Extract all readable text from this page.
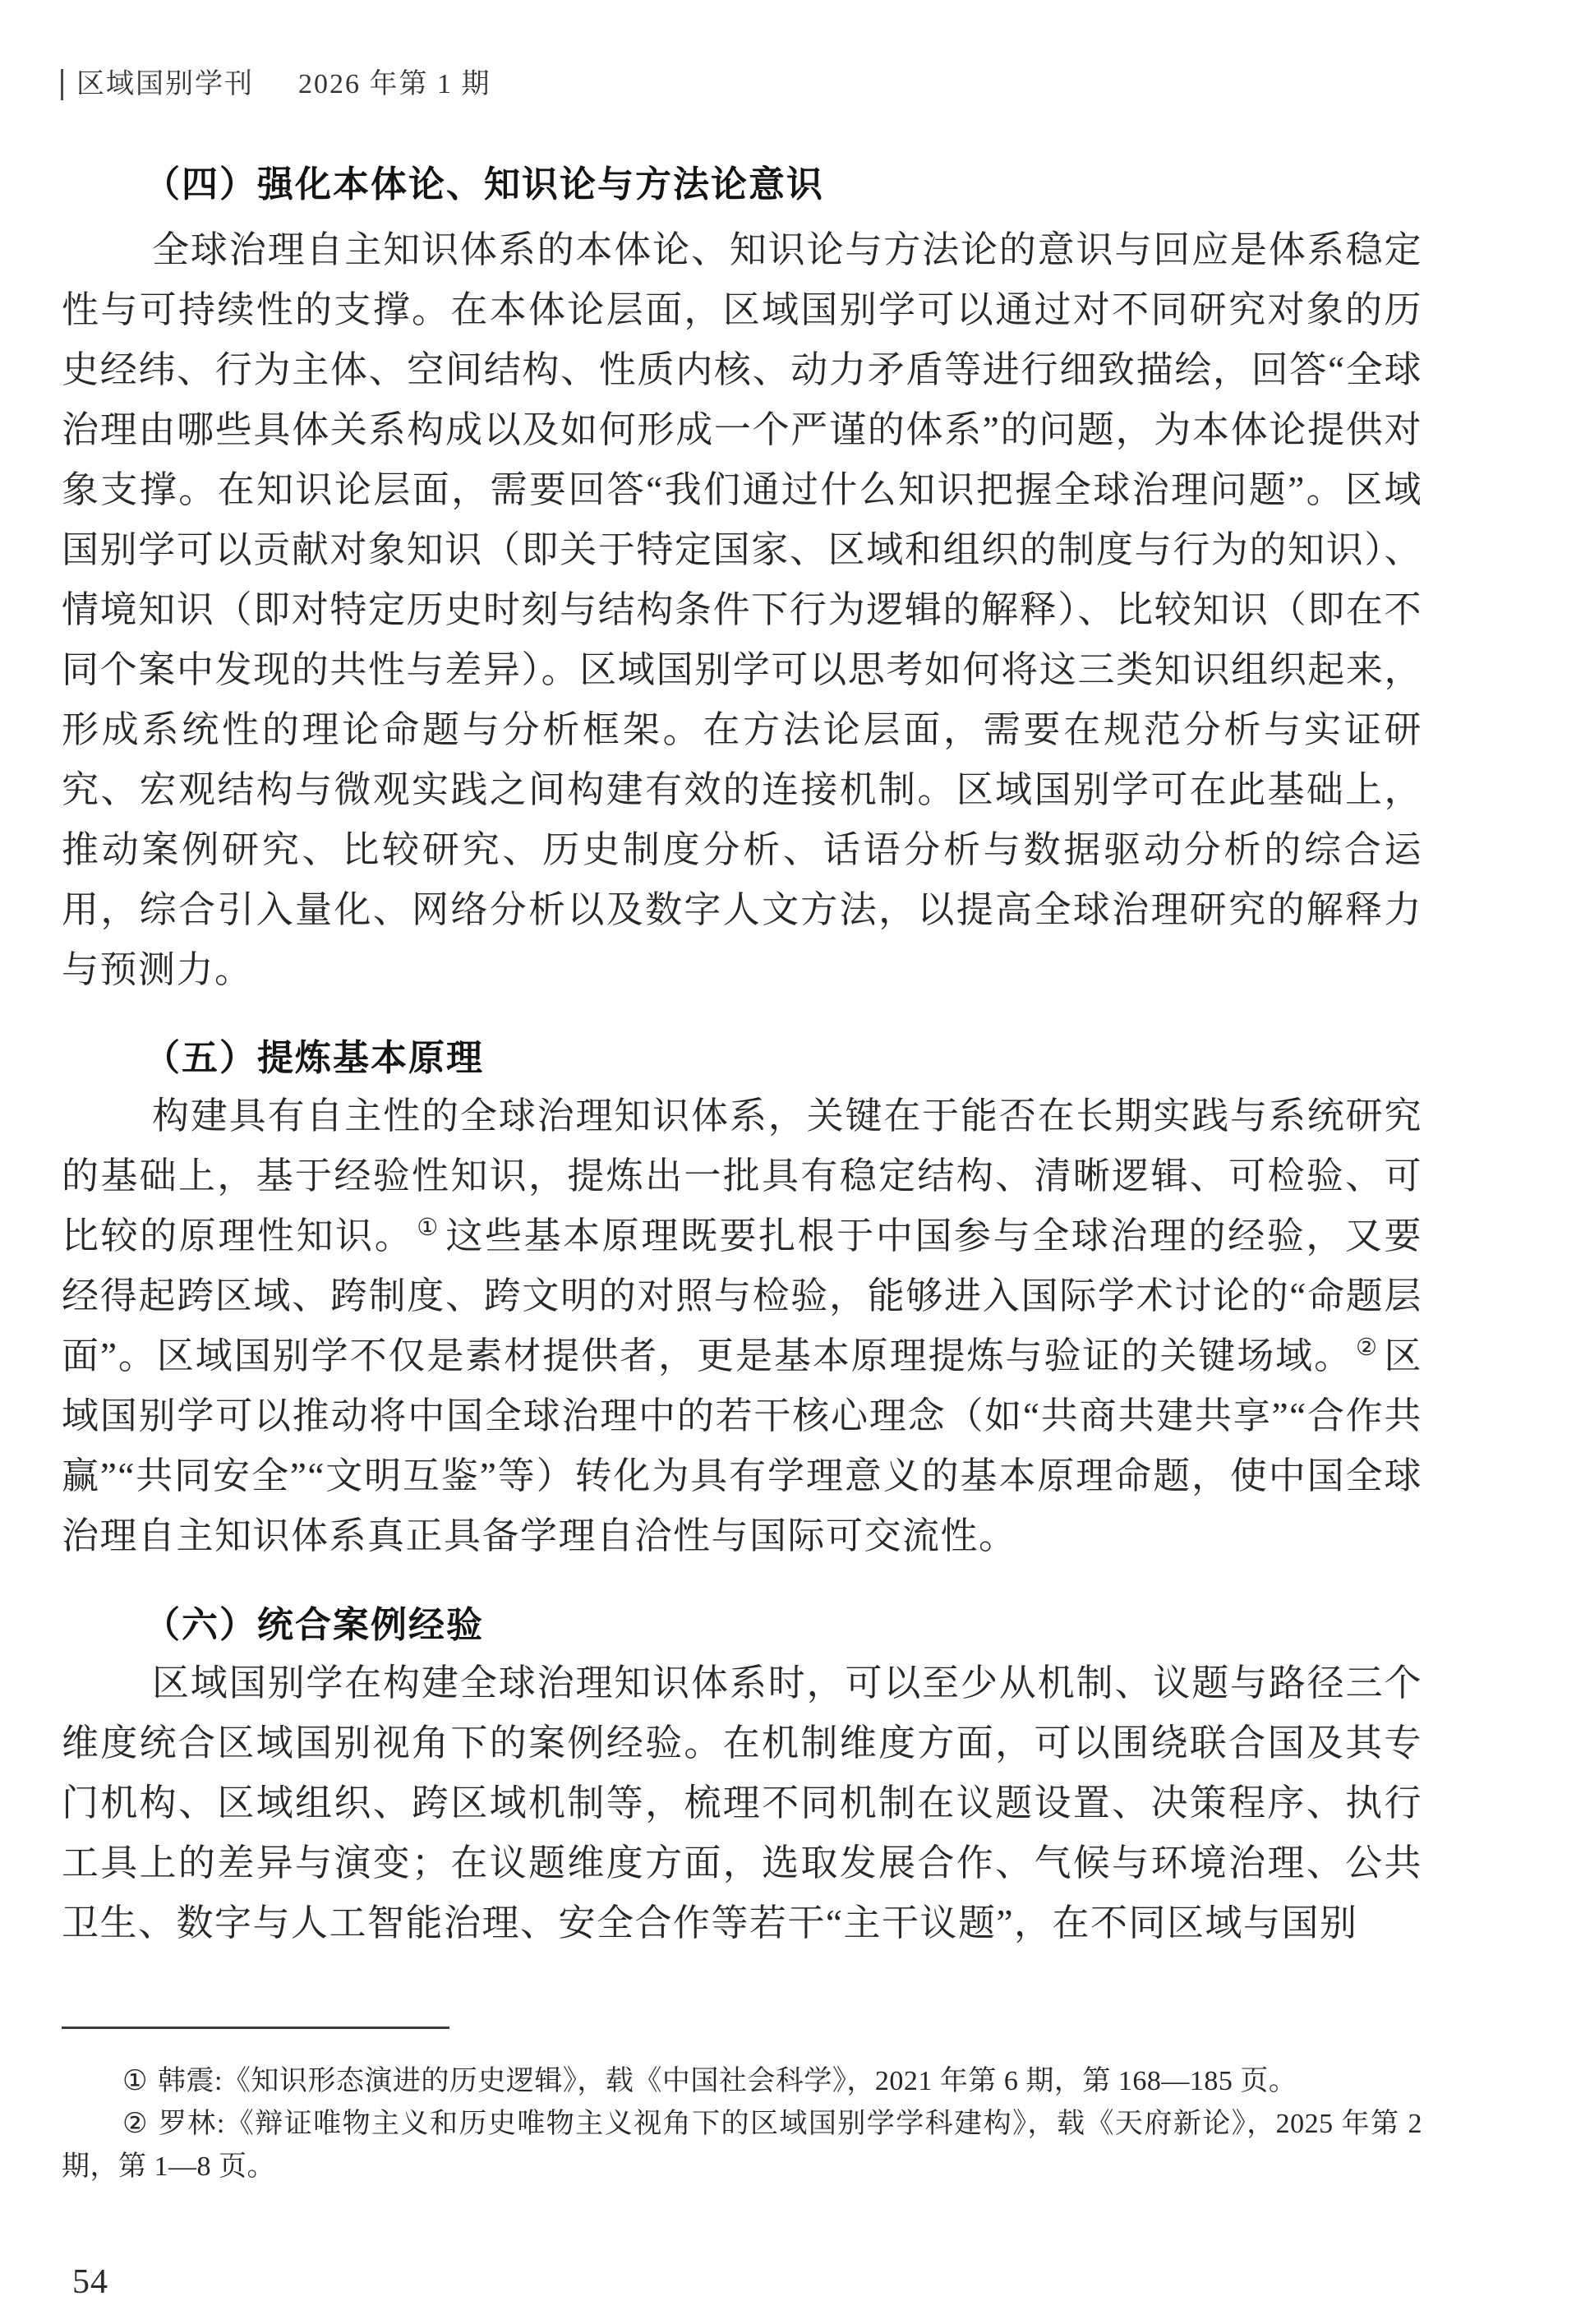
区域国别学刊 2026 年第 1 期
（四）强化本体论、知识论与方法论意识

全球治理自主知识体系的本体论、知识论与方法论的意识与回应是体系稳定性与可持续性的支撑。在本体论层面，区域国别学可以通过对不同研究对象的历史经纬、行为主体、空间结构、性质内核、动力矛盾等进行细致描绘，回答“全球治理由哪些具体关系构成以及如何形成一个严谨的体系”的问题，为本体论提供对象支撑。在知识论层面，需要回答“我们通过什么知识把握全球治理问题”。区域国别学可以贡献对象知识（即关于特定国家、区域和组织的制度与行为的知识）、情境知识（即对特定历史时刻与结构条件下行为逻辑的解释）、比较知识（即在不同个案中发现的共性与差异）。区域国别学可以思考如何将这三类知识组织起来，形成系统性的理论命题与分析框架。在方法论层面，需要在规范分析与实证研究、宏观结构与微观实践之间构建有效的连接机制。区域国别学可在此基础上，推动案例研究、比较研究、历史制度分析、话语分析与数据驱动分析的综合运用，综合引入量化、网络分析以及数字人文方法，以提高全球治理研究的解释力与预测力。

（五）提炼基本原理

构建具有自主性的全球治理知识体系，关键在于能否在长期实践与系统研究的基础上，基于经验性知识，提炼出一批具有稳定结构、清晰逻辑、可检验、可比较的原理性知识。 ① 这些基本原理既要扎根于中国参与全球治理的经验，又要经得起跨区域、跨制度、跨文明的对照与检验，能够进入国际学术讨论的“命题层面”。区域国别学不仅是素材提供者，更是基本原理提炼与验证的关键场域。 ② 区域国别学可以推动将中国全球治理中的若干核心理念（如“共商共建共享”“合作共赢”“共同安全”“文明互鉴”等）转化为具有学理意义的基本原理命题，使中国全球治理自主知识体系真正具备学理自洽性与国际可交流性。

（六）统合案例经验

区域国别学在构建全球治理知识体系时，可以至少从机制、议题与路径三个维度统合区域国别视角下的案例经验。在机制维度方面，可以围绕联合国及其专门机构、区域组织、跨区域机制等，梳理不同机制在议题设置、决策程序、执行工具上的差异与演变；在议题维度方面，选取发展合作、气候与环境治理、公共卫生、数字与人工智能治理、安全合作等若干“主干议题”，在不同区域与国别

① 韩震:《知识形态演进的历史逻辑》，载《中国社会科学》，2021 年第 6 期，第 168—185 页。

② 罗林:《辩证唯物主义和历史唯物主义视角下的区域国别学学科建构》，载《天府新论》，2025 年第 2 期，第 1—8 页。

54
